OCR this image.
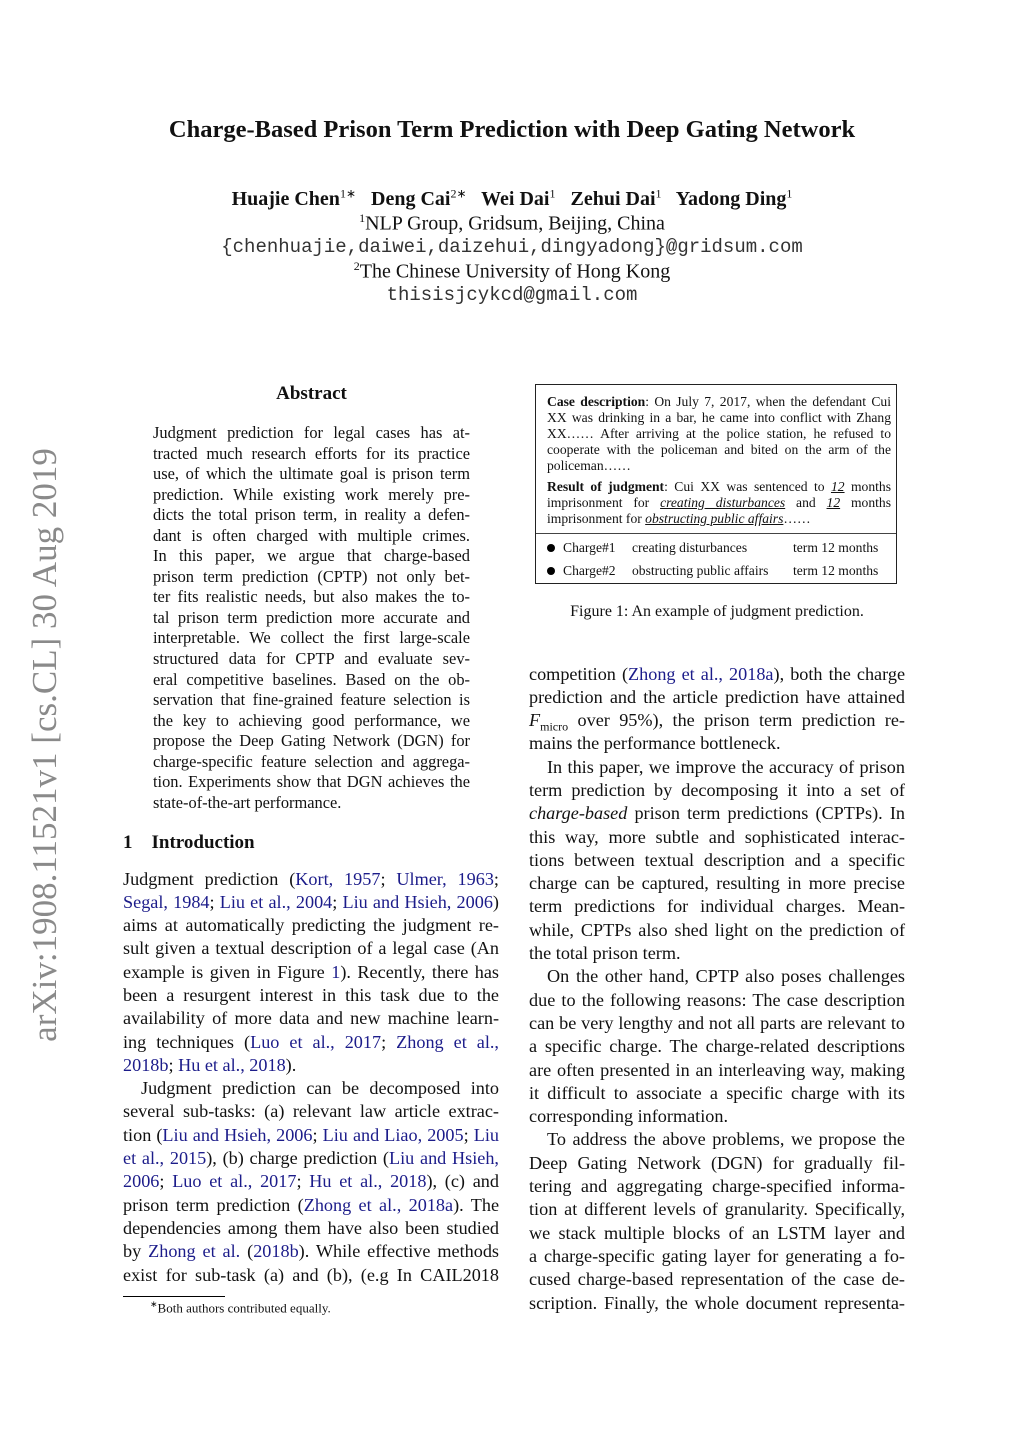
Charge-Based Prison Term Prediction with Deep Gating Network
Huajie Chen$^{1∗}$ Deng Cai$^{2∗}$ Wei Dai$^1$ Zehui Dai$^1$ Yadong Ding$^1$
$^1$NLP Group, Gridsum, Beijing, China
{chenhuajie,daiwei,daizehui,dingyadong}@gridsum.com
$^2$The Chinese University of Hong Kong
thisisjcykcd@gmail.com
arXiv:1908.11521v1 [cs.CL] 30 Aug 2019
Abstract
Judgment prediction for legal cases has at-
tracted much research efforts for its practice
use, of which the ultimate goal is prison term
prediction. While existing work merely pre-
dicts the total prison term, in reality a defen-
dant is often charged with multiple crimes.
In this paper, we argue that charge-based
prison term prediction (CPTP) not only bet-
ter fits realistic needs, but also makes the to-
tal prison term prediction more accurate and
interpretable. We collect the first large-scale
structured data for CPTP and evaluate sev-
eral competitive baselines. Based on the ob-
servation that fine-grained feature selection is
the key to achieving good performance, we
propose the Deep Gating Network (DGN) for
charge-specific feature selection and aggrega-
tion. Experiments show that DGN achieves the
state-of-the-art performance.
1 Introduction
Judgment prediction (Kort, 1957; Ulmer, 1963;
Segal, 1984; Liu et al., 2004; Liu and Hsieh, 2006)
aims at automatically predicting the judgment re-
sult given a textual description of a legal case (An
example is given in Figure 1). Recently, there has
been a resurgent interest in this task due to the
availability of more data and new machine learn-
ing techniques (Luo et al., 2017; Zhong et al.,
2018b; Hu et al., 2018).
Judgment prediction can be decomposed into
several sub-tasks: (a) relevant law article extrac-
tion (Liu and Hsieh, 2006; Liu and Liao, 2005; Liu
et al., 2015), (b) charge prediction (Liu and Hsieh,
2006; Luo et al., 2017; Hu et al., 2018), (c) and
prison term prediction (Zhong et al., 2018a). The
dependencies among them have also been studied
by Zhong et al. (2018b). While effective methods
exist for sub-task (a) and (b), (e.g In CAIL2018
competition (Zhong et al., 2018a), both the charge
prediction and the article prediction have attained
$F_{micro}$ over 95%), the prison term prediction re-
mains the performance bottleneck.
In this paper, we improve the accuracy of prison
term prediction by decomposing it into a set of
charge-based prison term predictions (CPTPs). In
this way, more subtle and sophisticated interac-
tions between textual description and a specific
charge can be captured, resulting in more precise
term predictions for individual charges. Mean-
while, CPTPs also shed light on the prediction of
the total prison term.
On the other hand, CPTP also poses challenges
due to the following reasons: The case description
can be very lengthy and not all parts are relevant to
a specific charge. The charge-related descriptions
are often presented in an interleaving way, making
it difficult to associate a specific charge with its
corresponding information.
To address the above problems, we propose the
Deep Gating Network (DGN) for gradually fil-
tering and aggregating charge-specified informa-
tion at different levels of granularity. Specifically,
we stack multiple blocks of an LSTM layer and
a charge-specific gating layer for generating a fo-
cused charge-based representation of the case de-
scription. Finally, the whole document representa-
Case description: On July 7, 2017, when the defendant Cui
XX was drinking in a bar, he came into conflict with Zhang
XX…… After arriving at the police station, he refused to
cooperate with the policeman and bited on the arm of the
policeman……
Result of judgment: Cui XX was sentenced to 12 months
imprisonment for creating disturbances and 12 months
imprisonment for obstructing public affairs……
Charge#1 creating disturbances	term 12 months
Charge#2 obstructing public affairs term 12 months
Figure 1: An example of judgment prediction.
∗Both authors contributed equally.
